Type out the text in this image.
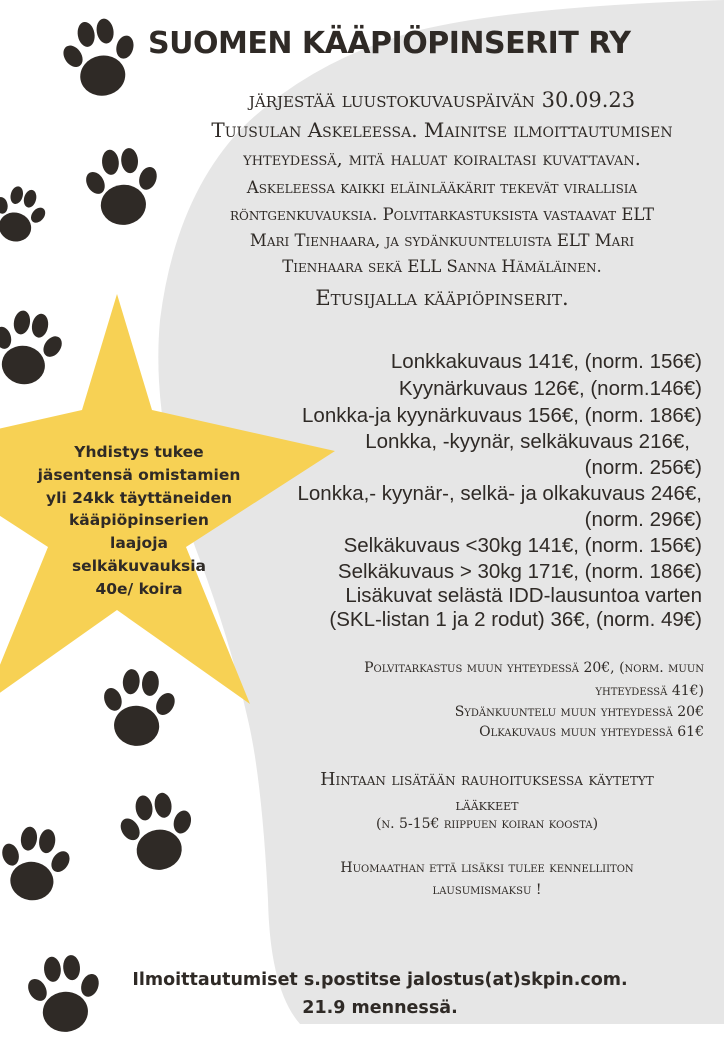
SUOMEN KÄÄPIÖPINSERIT RY
järjestää luustokuvauspäivän 30.09.23
Tuusulan Askeleessa. Mainitse ilmoittautumisen
yhteydessä, mitä haluat koiraltasi kuvattavan.
Askeleessa kaikki eläinlääkärit tekevät virallisia
röntgenkuvauksia. Polvitarkastuksista vastaavat ELT
Mari Tienhaara, ja sydänkuunteluista ELT Mari
Tienhaara sekä ELL Sanna Hämäläinen.
Etusijalla kääpiöpinserit.
Lonkkakuvaus 141€, (norm. 156€)
Kyynärkuvaus 126€, (norm.146€)
Lonkka-ja kyynärkuvaus 156€, (norm. 186€)
Lonkka, -kyynär, selkäkuvaus 216€,
(norm. 256€)
Lonkka,- kyynär-, selkä- ja olkakuvaus 246€,
(norm. 296€)
Selkäkuvaus <30kg 141€, (norm. 156€)
Selkäkuvaus > 30kg 171€, (norm. 186€)
Lisäkuvat selästä IDD-lausuntoa varten
(SKL-listan 1 ja 2 rodut) 36€, (norm. 49€)
Polvitarkastus muun yhteydessä 20€, (norm. muun
yhteydessä 41€)
Sydänkuuntelu muun yhteydessä 20€
Olkakuvaus muun yhteydessä 61€
Hintaan lisätään rauhoituksessa käytetyt
lääkkeet
(n. 5-15€ riippuen koiran koosta)
Huomaathan että lisäksi tulee kennelliiton
lausumismaksu !
Yhdistys tukee
jäsentensä omistamien
yli 24kk täyttäneiden
kääpiöpinserien
laajoja
selkäkuvauksia
40e/ koira
Ilmoittautumiset s.postitse jalostus(at)skpin.com.
21.9 mennessä.
